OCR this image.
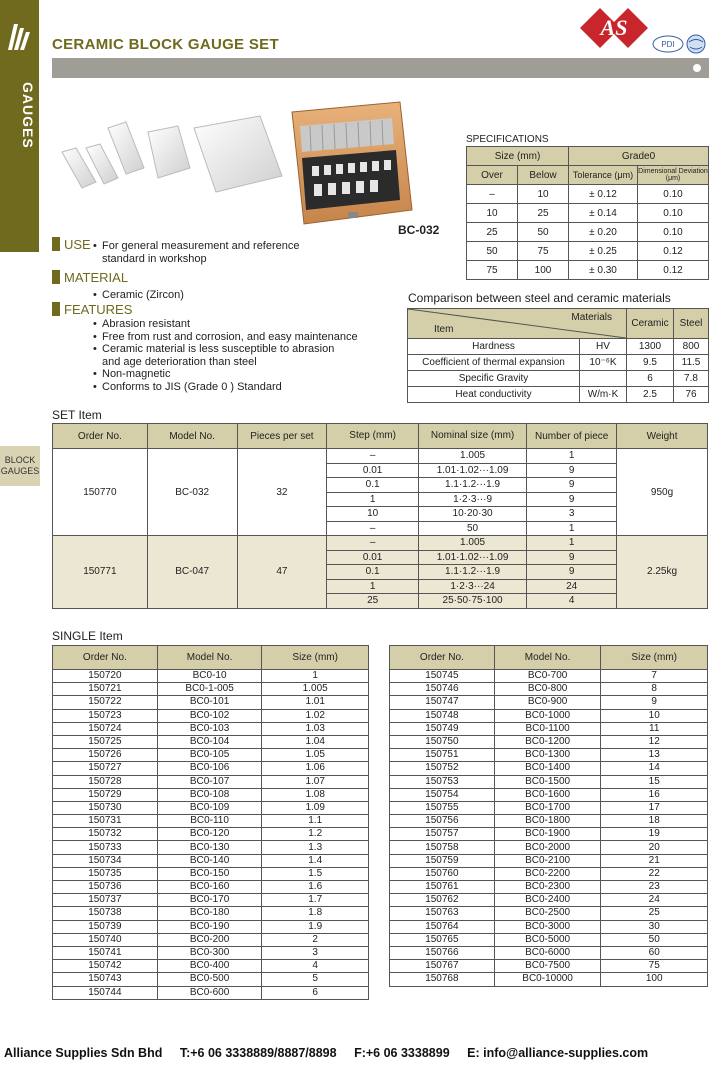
GAUGES
BLOCK GAUGES
AS
PDI
CERAMIC BLOCK GAUGE SET
BC-032
USE	• For general measurement and reference
standard in workshop
MATERIAL
• Ceramic (Zircon)
FEATURES
• Abrasion resistant
• Free from rust and corrosion, and easy maintenance
• Ceramic material is less susceptible to abrasion
and age deterioration than steel
• Non-magnetic
• Conforms to JIS (Grade 0 ) Standard
SPECIFICATIONS
Size (mm)		Grade0	
Over	Below	Tolerance (μm)	Dimensional Deviation (μm)
–	10	± 0.12	0.10
10	25	± 0.14	0.10
25	50	± 0.20	0.10
50	75	± 0.25	0.12
75	100	± 0.30	0.12
Comparison between steel and ceramic materials
Materials
Item		Ceramic	Steel
Hardness	HV	1300	800
Coefficient of thermal expansion	10⁻⁶K	9.5	11.5
Specific Gravity		6	7.8
Heat conductivity	W/m·K	2.5	76
SET Item
Order No.	Model No.	Pieces per set	Step (mm)	Nominal size (mm)	Number of piece	Weight
150770	BC-032	32	–	1.005	1	950g
			0.01	1.01·1.02···1.09	9	
			0.1	1.1·1.2···1.9	9	
			1	1·2·3···9	9	
			10	10·20·30	3	
			–	50	1	
150771	BC-047	47	–	1.005	1	2.25kg
			0.01	1.01·1.02···1.09	9	
			0.1	1.1·1.2···1.9	9	
			1	1·2·3···24	24	
			25	25·50·75·100	4	
SINGLE Item
Order No.	Model No.	Size (mm)
150720	BC0-10	1
150721	BC0-1-005	1.005
150722	BC0-101	1.01
150723	BC0-102	1.02
150724	BC0-103	1.03
150725	BC0-104	1.04
150726	BC0-105	1.05
150727	BC0-106	1.06
150728	BC0-107	1.07
150729	BC0-108	1.08
150730	BC0-109	1.09
150731	BC0-110	1.1
150732	BC0-120	1.2
150733	BC0-130	1.3
150734	BC0-140	1.4
150735	BC0-150	1.5
150736	BC0-160	1.6
150737	BC0-170	1.7
150738	BC0-180	1.8
150739	BC0-190	1.9
150740	BC0-200	2
150741	BC0-300	3
150742	BC0-400	4
150743	BC0-500	5
150744	BC0-600	6
Order No.	Model No.	Size (mm)
150745	BC0-700	7
150746	BC0-800	8
150747	BC0-900	9
150748	BC0-1000	10
150749	BC0-1100	11
150750	BC0-1200	12
150751	BC0-1300	13
150752	BC0-1400	14
150753	BC0-1500	15
150754	BC0-1600	16
150755	BC0-1700	17
150756	BC0-1800	18
150757	BC0-1900	19
150758	BC0-2000	20
150759	BC0-2100	21
150760	BC0-2200	22
150761	BC0-2300	23
150762	BC0-2400	24
150763	BC0-2500	25
150764	BC0-3000	30
150765	BC0-5000	50
150766	BC0-6000	60
150767	BC0-7500	75
150768	BC0-10000	100
Alliance Supplies Sdn Bhd T:+6 06 3338889/8887/8898 F:+6 06 3338899 E: info@alliance-supplies.com
